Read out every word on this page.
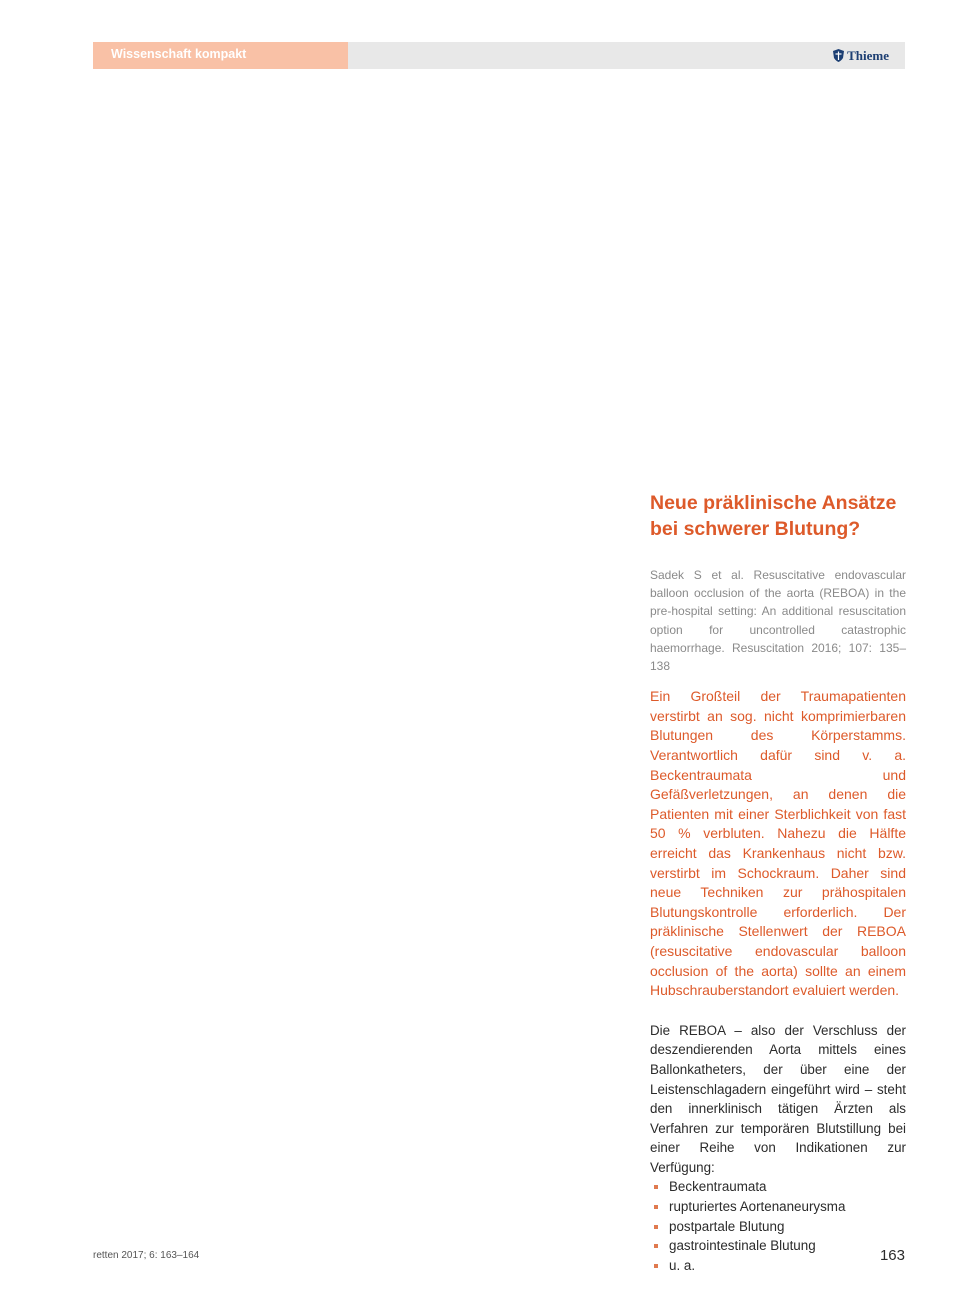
Wissenschaft kompakt	Thieme
Neue präklinische Ansätze
bei schwerer Blutung?

Sadek S et al. Resuscitative endovascular balloon occlusion of the aorta (REBOA) in the pre-hospital setting: An additional resuscitation option for uncontrolled catastrophic haemorrhage. Resuscitation 2016; 107: 135–138

Ein Großteil der Traumapatienten verstirbt an sog. nicht komprimierbaren Blutungen des Körperstamms. Verantwortlich dafür sind v. a. Beckentraumata und Gefäßverletzungen, an denen die Patienten mit einer Sterblichkeit von fast 50 % verbluten. Nahezu die Hälfte erreicht das Krankenhaus nicht bzw. verstirbt im Schockraum. Daher sind neue Techniken zur prähospitalen Blutungskontrolle erforderlich. Der präklinische Stellenwert der REBOA (resuscitative endovascular balloon occlusion of the aorta) sollte an einem Hubschrauberstandort evaluiert werden.

Die REBOA – also der Verschluss der deszendierenden Aorta mittels eines Ballonkatheters, der über eine der Leistenschlagadern eingeführt wird – steht den innerklinisch tätigen Ärzten als Verfahren zur temporären Blutstillung bei einer Reihe von Indikationen zur Verfügung:

Beckentraumata
rupturiertes Aortenaneurysma
postpartale Blutung
gastrointestinale Blutung
u. a.
retten 2017; 6: 163–164	163
